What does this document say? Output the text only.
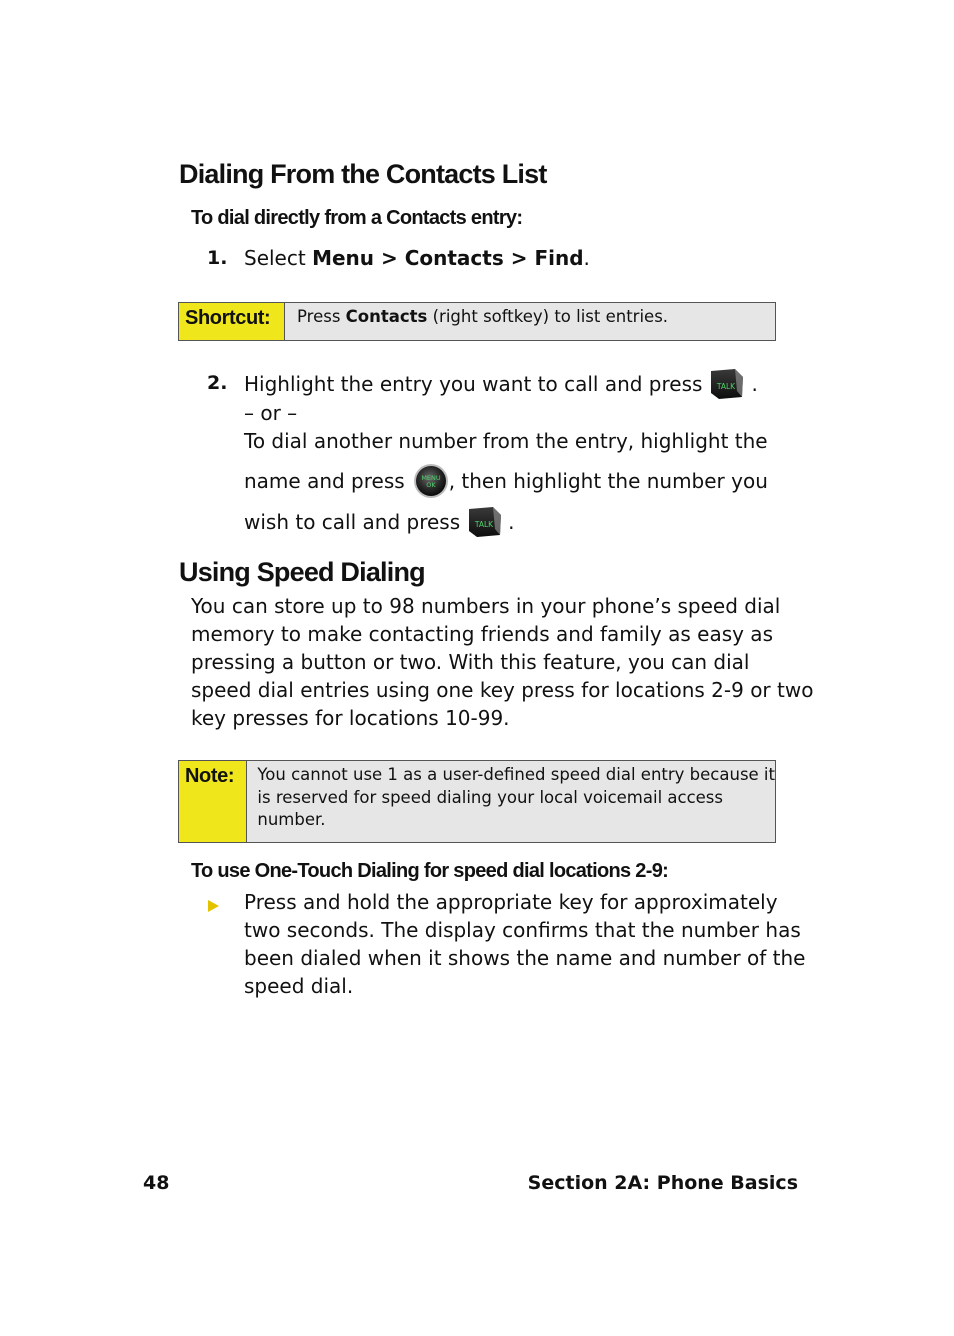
Dialing From the Contacts List
To dial directly from a Contacts entry:
1. Select Menu > Contacts > Find.
Shortcut:	Press Contacts (right softkey) to list entries.
2. Highlight the entry you want to call and press TALK .
– or –
To dial another number from the entry, highlight the
name and press	MENU
OK , then highlight the number you
wish to call and press TALK .
Using Speed Dialing
You can store up to 98 numbers in your phone’s speed dial
memory to make contacting friends and family as easy as
pressing a button or two. With this feature, you can dial
speed dial entries using one key press for locations 2-9 or two
key presses for locations 10-99.
Note:	You cannot use 1 as a user-defined speed dial entry because it
is reserved for speed dialing your local voicemail access
number.
To use One-Touch Dialing for speed dial locations 2-9:
Press and hold the appropriate key for approximately
two seconds. The display confirms that the number has
been dialed when it shows the name and number of the
speed dial.
48	Section 2A: Phone Basics
